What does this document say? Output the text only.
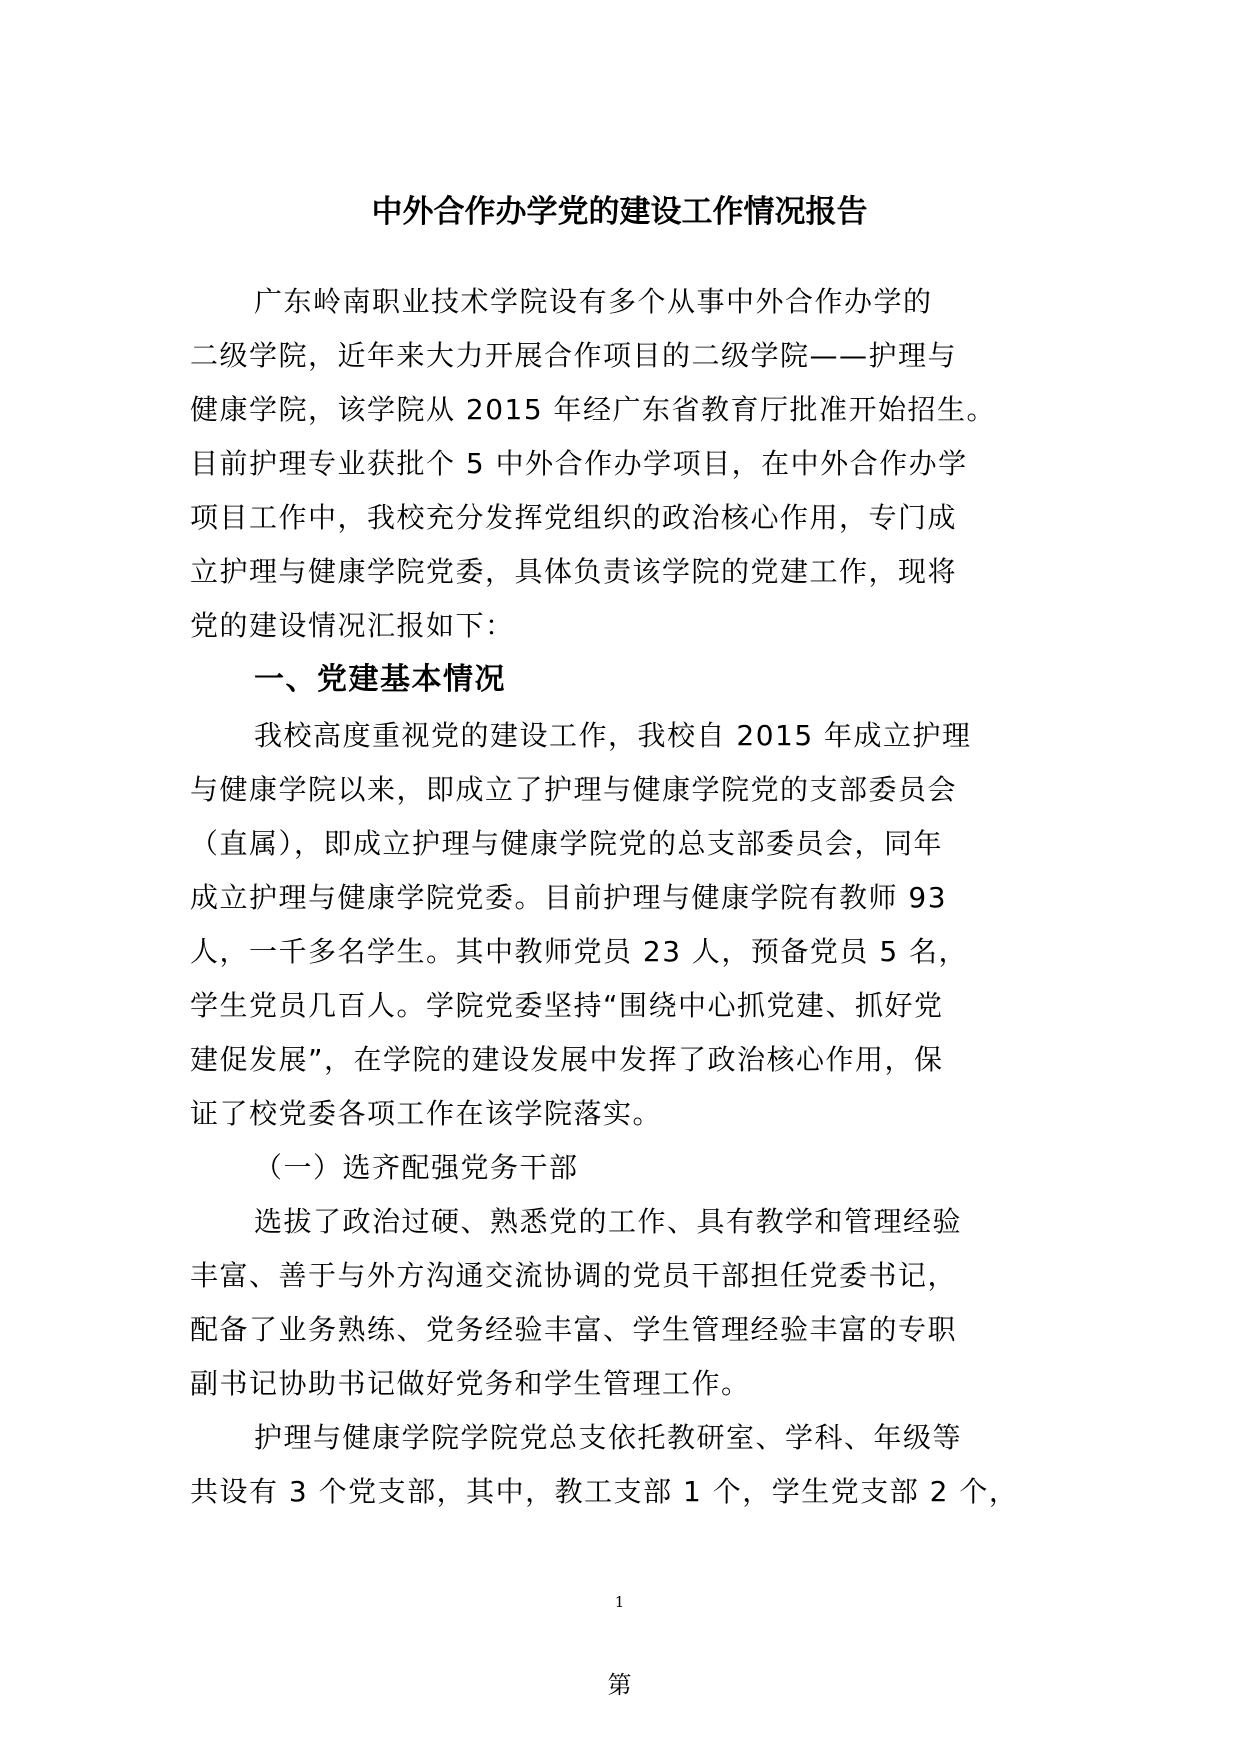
中外合作办学党的建设工作情况报告
广东岭南职业技术学院设有多个从事中外合作办学的
二级学院，近年来大力开展合作项目的二级学院——护理与
健康学院，该学院从 2015 年经广东省教育厅批准开始招生。
目前护理专业获批个 5 中外合作办学项目，在中外合作办学
项目工作中，我校充分发挥党组织的政治核心作用，专门成
立护理与健康学院党委，具体负责该学院的党建工作，现将
党的建设情况汇报如下：
一、党建基本情况
我校高度重视党的建设工作，我校自 2015 年成立护理
与健康学院以来，即成立了护理与健康学院党的支部委员会
（直属），即成立护理与健康学院党的总支部委员会，同年
成立护理与健康学院党委。目前护理与健康学院有教师 93
人，一千多名学生。其中教师党员 23 人，预备党员 5 名，
学生党员几百人。学院党委坚持“围绕中心抓党建、抓好党
建促发展”，在学院的建设发展中发挥了政治核心作用，保
证了校党委各项工作在该学院落实。
（一）选齐配强党务干部
选拔了政治过硬、熟悉党的工作、具有教学和管理经验
丰富、善于与外方沟通交流协调的党员干部担任党委书记，
配备了业务熟练、党务经验丰富、学生管理经验丰富的专职
副书记协助书记做好党务和学生管理工作。
护理与健康学院学院党总支依托教研室、学科、年级等
共设有 3 个党支部，其中，教工支部 1 个，学生党支部 2 个，
1
第
